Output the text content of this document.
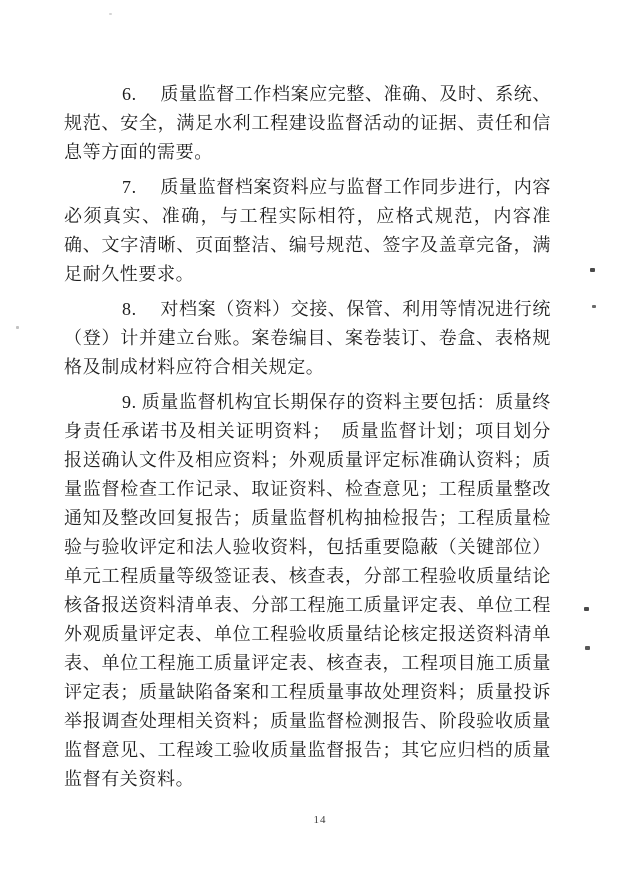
6.　 质量监督工作档案应完整、准确、及时、系统、规范、安全，满足水利工程建设监督活动的证据、责任和信息等方面的需要。

7.　 质量监督档案资料应与监督工作同步进行，内容必须真实、准确，与工程实际相符，应格式规范，内容准确、文字清晰、页面整洁、编号规范、签字及盖章完备，满足耐久性要求。

8.　 对档案（资料）交接、保管、利用等情况进行统（登）计并建立台账。案卷编目、案卷装订、卷盒、表格规格及制成材料应符合相关规定。

9. 质量监督机构宜长期保存的资料主要包括：质量终身责任承诺书及相关证明资料；　质量监督计划；项目划分报送确认文件及相应资料；外观质量评定标准确认资料；质量监督检查工作记录、取证资料、检查意见；工程质量整改通知及整改回复报告；质量监督机构抽检报告；工程质量检验与验收评定和法人验收资料，包括重要隐蔽（关键部位）单元工程质量等级签证表、核查表，分部工程验收质量结论核备报送资料清单表、分部工程施工质量评定表、单位工程外观质量评定表、单位工程验收质量结论核定报送资料清单表、单位工程施工质量评定表、核查表，工程项目施工质量评定表；质量缺陷备案和工程质量事故处理资料；质量投诉举报调查处理相关资料；质量监督检测报告、阶段验收质量监督意见、工程竣工验收质量监督报告；其它应归档的质量监督有关资料。

14
